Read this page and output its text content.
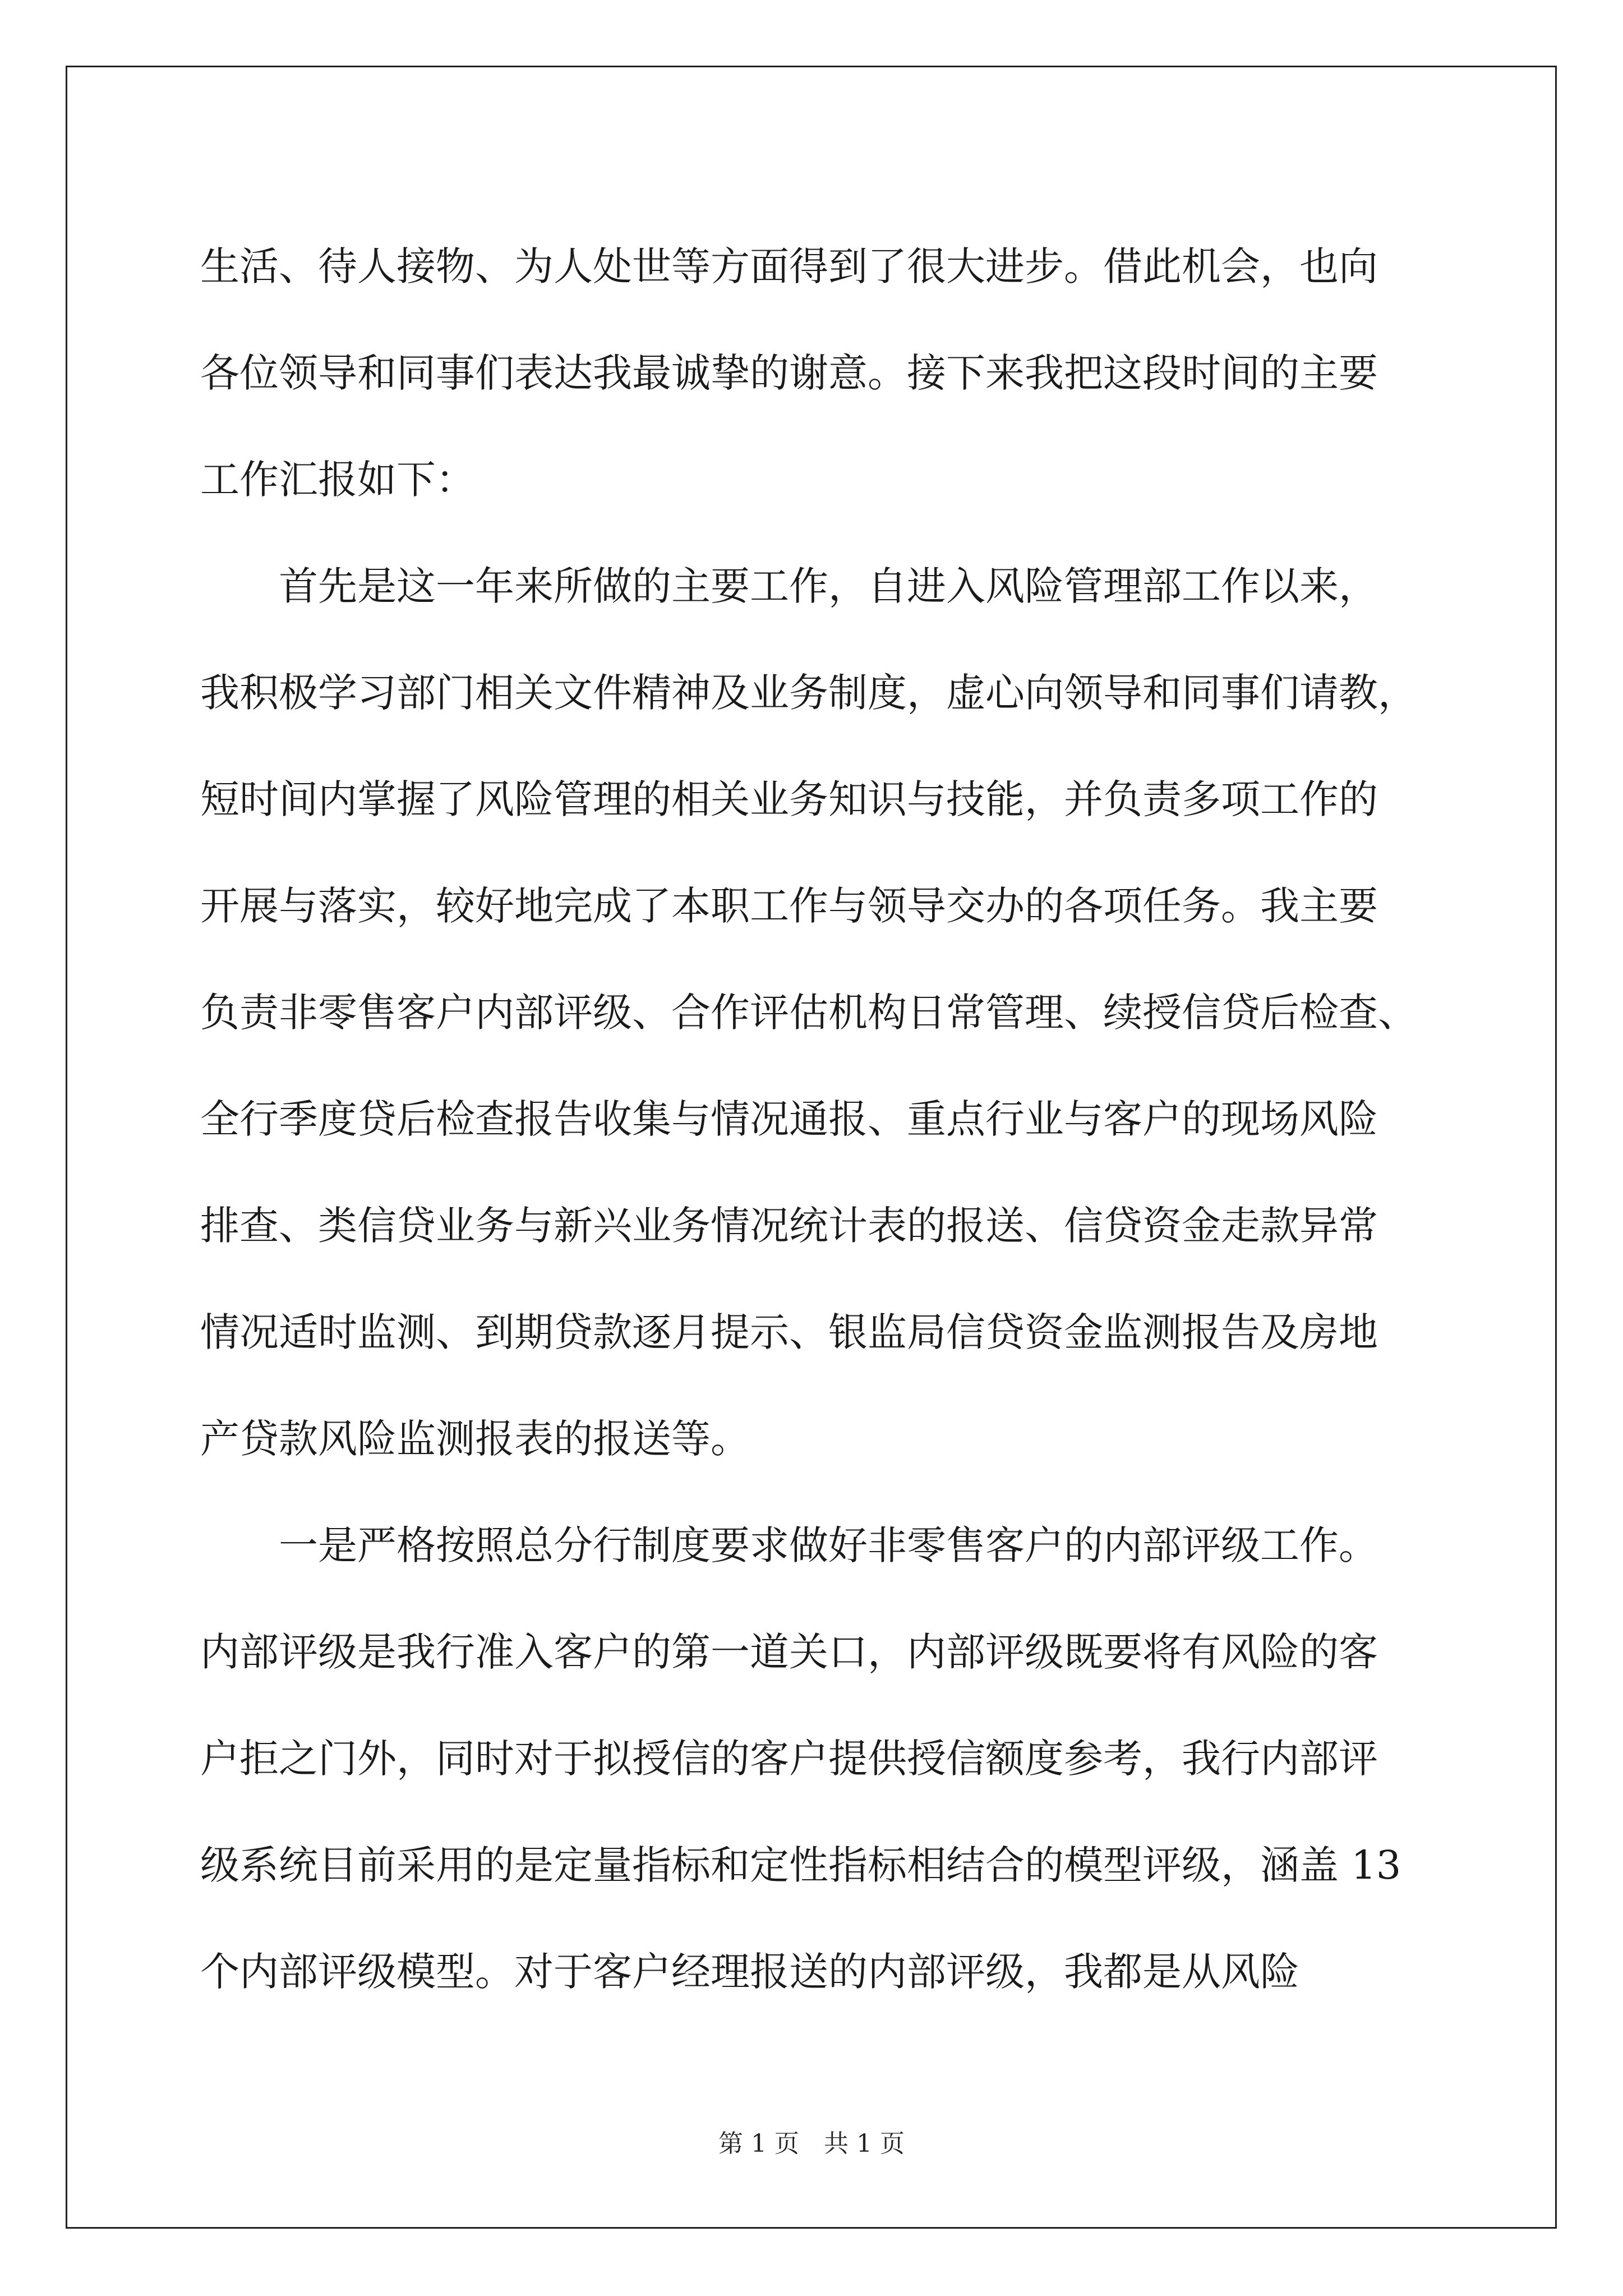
生活、待人接物、为人处世等方面得到了很大进步。借此机会，也向

各位领导和同事们表达我最诚挚的谢意。接下来我把这段时间的主要

工作汇报如下：

首先是这一年来所做的主要工作，自进入风险管理部工作以来，

我积极学习部门相关文件精神及业务制度，虚心向领导和同事们请教，

短时间内掌握了风险管理的相关业务知识与技能，并负责多项工作的

开展与落实，较好地完成了本职工作与领导交办的各项任务。我主要

负责非零售客户内部评级、合作评估机构日常管理、续授信贷后检查、

全行季度贷后检查报告收集与情况通报、重点行业与客户的现场风险

排查、类信贷业务与新兴业务情况统计表的报送、信贷资金走款异常

情况适时监测、到期贷款逐月提示、银监局信贷资金监测报告及房地

产贷款风险监测报表的报送等。

一是严格按照总分行制度要求做好非零售客户的内部评级工作。

内部评级是我行准入客户的第一道关口，内部评级既要将有风险的客

户拒之门外，同时对于拟授信的客户提供授信额度参考，我行内部评

级系统目前采用的是定量指标和定性指标相结合的模型评级，涵盖 13

个内部评级模型。对于客户经理报送的内部评级，我都是从风险

第 1 页　共 1 页
